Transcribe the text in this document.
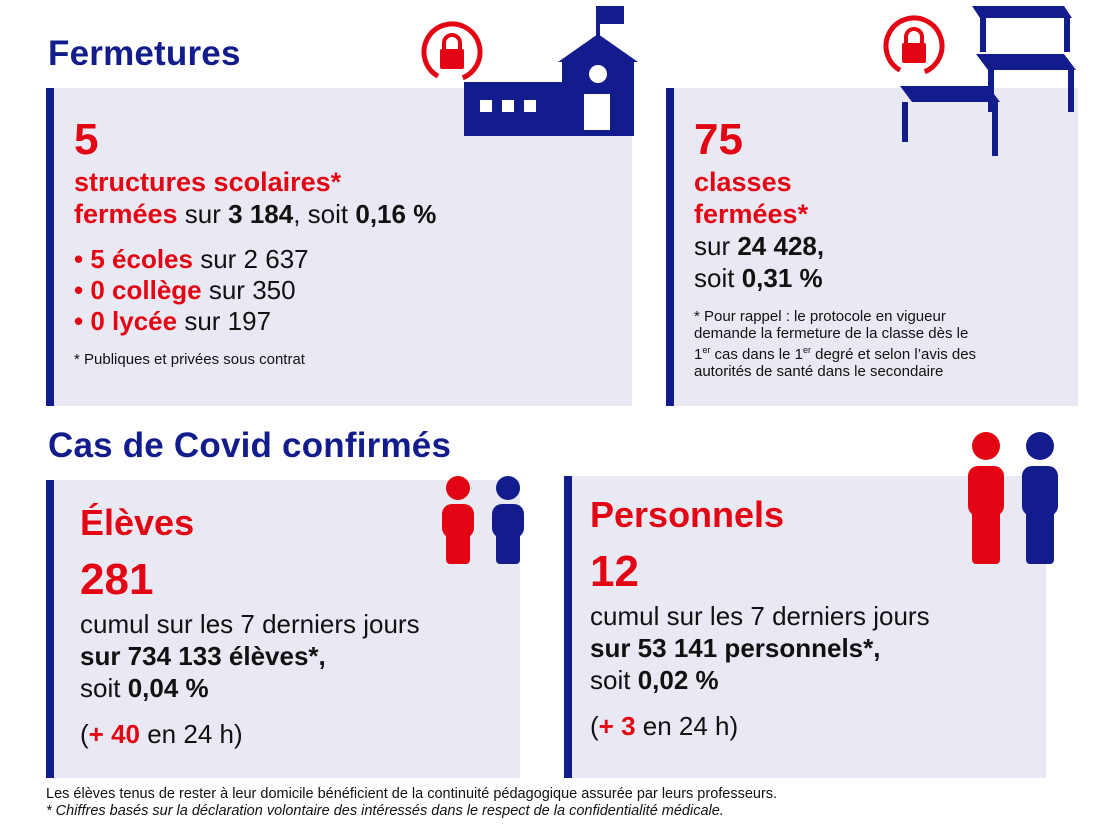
Fermetures
5
structures scolaires*
fermées sur 3 184, soit 0,16 %
• 5 écoles sur 2 637
• 0 collège sur 350
• 0 lycée sur 197
* Publiques et privées sous contrat
75
classes
fermées*
sur 24 428,
soit 0,31 %
* Pour rappel : le protocole en vigueur
demande la fermeture de la classe dès le
1er cas dans le 1er degré et selon l’avis des
autorités de santé dans le secondaire
Cas de Covid confirmés
Élèves
281
cumul sur les 7 derniers jours
sur 734 133 élèves*,
soit 0,04 %
(+ 40 en 24 h)
Personnels
12
cumul sur les 7 derniers jours
sur 53 141 personnels*,
soit 0,02 %
(+ 3 en 24 h)
Les élèves tenus de rester à leur domicile bénéficient de la continuité pédagogique assurée par leurs professeurs.
* Chiffres basés sur la déclaration volontaire des intéressés dans le respect de la confidentialité médicale.
